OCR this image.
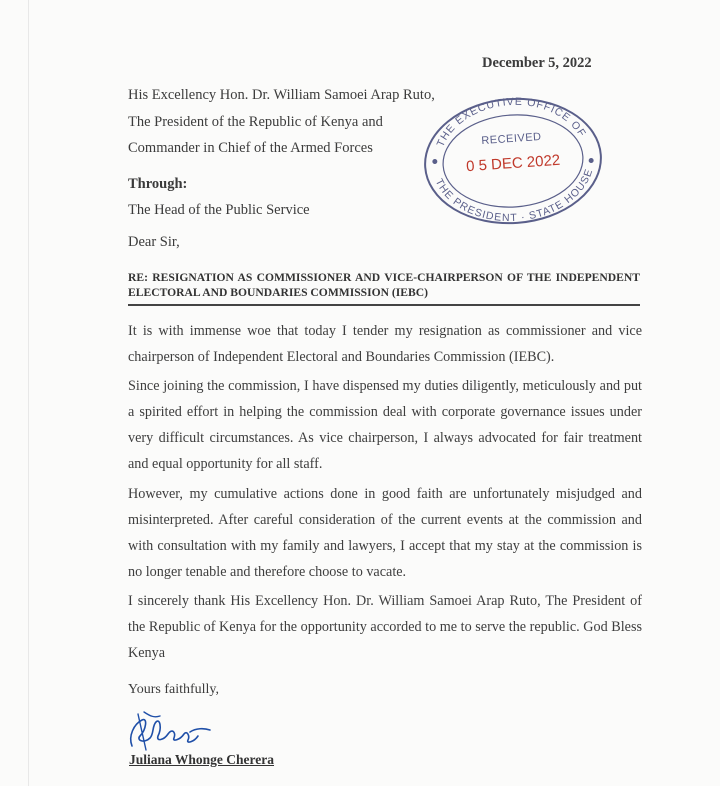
December 5, 2022
His Excellency Hon. Dr. William Samoei Arap Ruto,
The President of the Republic of Kenya and
Commander in Chief of the Armed Forces	THE EXECUTIVE OFFICE OF
THE PRESIDENT · STATE HOUSE
RECEIVED
0 5 DEC 2022
Through:
The Head of the Public Service
Dear Sir,
RE: RESIGNATION AS COMMISSIONER AND VICE-CHAIRPERSON OF THE INDEPENDENT ELECTORAL AND BOUNDARIES COMMISSION (IEBC)
It is with immense woe that today I tender my resignation as commissioner and vice chairperson of Independent Electoral and Boundaries Commission (IEBC).
Since joining the commission, I have dispensed my duties diligently, meticulously and put a spirited effort in helping the commission deal with corporate governance issues under very difficult circumstances. As vice chairperson, I always advocated for fair treatment and equal opportunity for all staff.
However, my cumulative actions done in good faith are unfortunately misjudged and misinterpreted. After careful consideration of the current events at the commission and with consultation with my family and lawyers, I accept that my stay at the commission is no longer tenable and therefore choose to vacate.
I sincerely thank His Excellency Hon. Dr. William Samoei Arap Ruto, The President of the Republic of Kenya for the opportunity accorded to me to serve the republic. God Bless Kenya
Yours faithfully,
Juliana Whonge Cherera
